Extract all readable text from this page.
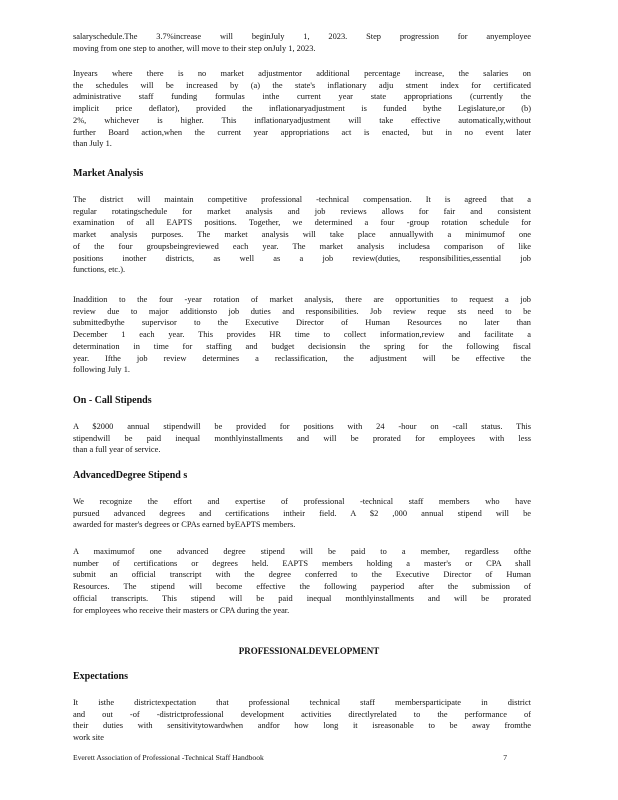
salaryschedule.The 3.7%increase will beginJuly 1, 2023. Step progression for anyemployee
moving from one step to another, will move to their step onJuly 1, 2023.
Inyears where there is no market adjustmentor additional percentage increase, the salaries on
the schedules will be increased by (a) the state's inflationary adju stment index for certificated
administrative staff funding formulas inthe current year state appropriations (currently the
implicit price deflator), provided the inflationaryadjustment is funded bythe Legislature,or (b)
2%, whichever is higher. This inflationaryadjustment will take effective automatically,without
further Board action,when the current year appropriations act is enacted, but in no event later
than July 1.
Market Analysis
The district will maintain competitive professional -technical compensation. It is agreed that a
regular rotatingschedule for market analysis and job reviews allows for fair and consistent
examination of all EAPTS positions. Together, we determined a four -group rotation schedule for
market analysis purposes. The market analysis will take place annuallywith a minimumof one
of the four groupsbeingreviewed each year. The market analysis includesa comparison of like
positions inother districts, as well as a job review(duties, responsibilities,essential job
functions, etc.).
Inaddition to the four -year rotation of market analysis, there are opportunities to request a job
review due to major additionsto job duties and responsibilities. Job review reque sts need to be
submittedbythe supervisor to the Executive Director of Human Resources no later than
December 1 each year. This provides HR time to collect information,review and facilitate a
determination in time for staffing and budget decisionsin the spring for the following fiscal
year. Ifthe job review determines a reclassification, the adjustment will be effective the
following July 1.
On - Call Stipends
A $2000 annual stipendwill be provided for positions with 24 -hour on -call status. This
stipendwill be paid inequal monthlyinstallments and will be prorated for employees with less
than a full year of service.
AdvancedDegree Stipend s
We recognize the effort and expertise of professional -technical staff members who have
pursued advanced degrees and certifications intheir field. A $2 ,000 annual stipend will be
awarded for master's degrees or CPAs earned byEAPTS members.
A maximumof one advanced degree stipend will be paid to a member, regardless ofthe
number of certifications or degrees held. EAPTS members holding a master's or CPA shall
submit an official transcript with the degree conferred to the Executive Director of Human
Resources. The stipend will become effective the following payperiod after the submission of
official transcripts. This stipend will be paid inequal monthlyinstallments and will be prorated
for employees who receive their masters or CPA during the year.
PROFESSIONALDEVELOPMENT
Expectations
It isthe districtexpectation that professional technical staff membersparticipate in district
and out -of -districtprofessional development activities directlyrelated to the performance of
their duties with sensitivitytowardwhen andfor how long it isreasonable to be away fromthe
work site
Everett Association of Professional -Technical Staff Handbook	7
